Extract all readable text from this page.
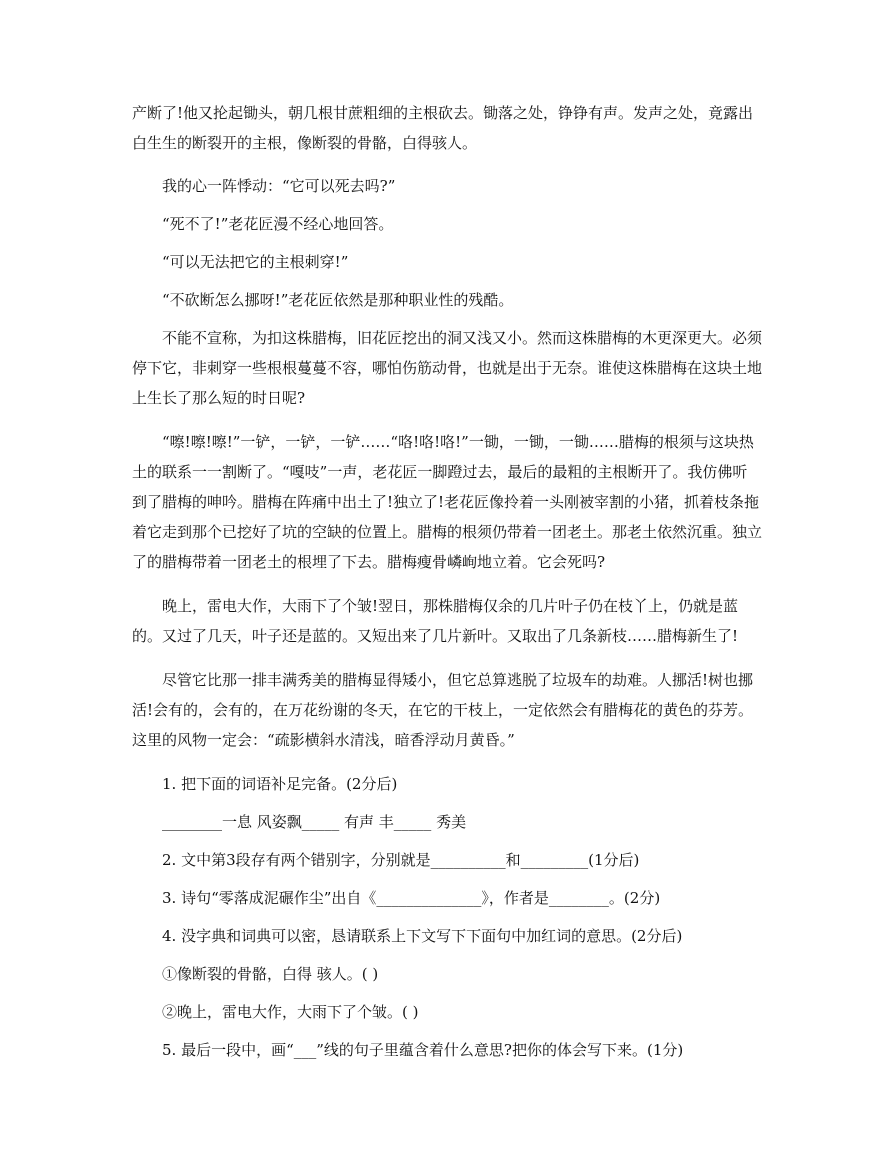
产断了!他又抡起锄头，朝几根甘蔗粗细的主根砍去。锄落之处，铮铮有声。发声之处，竟露出白生生的断裂开的主根，像断裂的骨骼，白得骇人。

我的心一阵悸动：“它可以死去吗?”

“死不了!”老花匠漫不经心地回答。

“可以无法把它的主根刺穿!”

“不砍断怎么挪呀!”老花匠依然是那种职业性的残酷。

不能不宣称，为扣这株腊梅，旧花匠挖出的洞又浅又小。然而这株腊梅的木更深更大。必须停下它，非刺穿一些根根蔓蔓不容，哪怕伤筋动骨，也就是出于无奈。谁使这株腊梅在这块土地上生长了那么短的时日呢?

“嚓!嚓!嚓!”一铲，一铲，一铲……“咯!咯!咯!”一锄，一锄，一锄……腊梅的根须与这块热土的联系一一割断了。“嘎吱”一声，老花匠一脚蹬过去，最后的最粗的主根断开了。我仿佛听到了腊梅的呻吟。腊梅在阵痛中出土了!独立了!老花匠像拎着一头刚被宰割的小猪，抓着枝条拖着它走到那个已挖好了坑的空缺的位置上。腊梅的根须仍带着一团老土。那老土依然沉重。独立了的腊梅带着一团老土的根埋了下去。腊梅瘦骨嶙峋地立着。它会死吗?

晚上，雷电大作，大雨下了个皱!翌日，那株腊梅仅余的几片叶子仍在枝丫上，仍就是蓝的。又过了几天，叶子还是蓝的。又短出来了几片新叶。又取出了几条新枝……腊梅新生了!

尽管它比那一排丰满秀美的腊梅显得矮小，但它总算逃脱了垃圾车的劫难。人挪活!树也挪活!会有的，会有的，在万花纷谢的冬天，在它的干枝上，一定依然会有腊梅花的黄色的芬芳。这里的风物一定会：“疏影横斜水清浅，暗香浮动月黄昏。”

1. 把下面的词语补足完备。(2分后)

________一息 风姿飘_____ 有声 丰_____ 秀美

2. 文中第3段存有两个错别字，分别就是__________和_________(1分后)

3. 诗句“零落成泥碾作尘”出自《______________》，作者是________。(2分)

4. 没字典和词典可以密，恳请联系上下文写下下面句中加红词的意思。(2分后)

①像断裂的骨骼，白得 骇人。( )

②晚上，雷电大作，大雨下了个皱。( )

5. 最后一段中，画“___”线的句子里蕴含着什么意思?把你的体会写下来。(1分)
